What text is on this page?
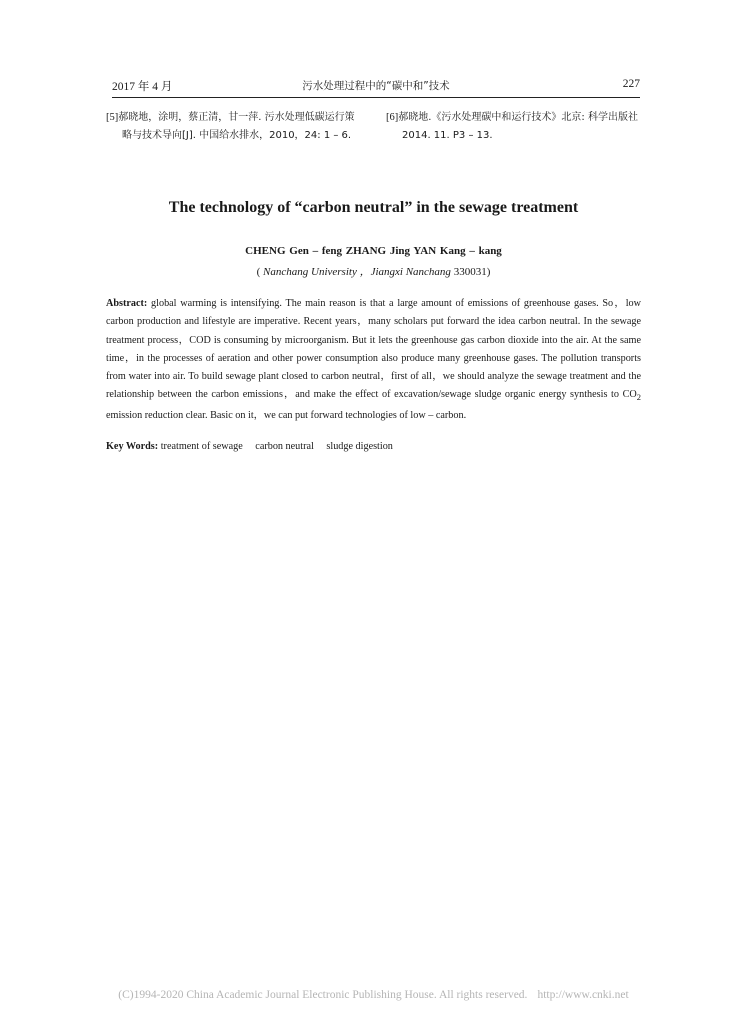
2017 年 4 月	污水处理过程中的“碳中和”技术	227
[5]郝晓地，涂明，蔡正清，甘一萍. 污水处理低碳运行策略与技术导向[J]. 中国给水排水，2010，24: 1 – 6.
[6]郝晓地.《污水处理碳中和运行技术》北京: 科学出版社 2014. 11. P3 – 13.
The technology of “carbon neutral” in the sewage treatment
CHENG Gen – feng ZHANG Jing YAN Kang – kang
( Nanchang University ，Jiangxi Nanchang 330031)
Abstract: global warming is intensifying. The main reason is that a large amount of emissions of greenhouse gases. So，low carbon production and lifestyle are imperative. Recent years，many scholars put forward the idea carbon neutral. In the sewage treatment process，COD is consuming by microorganism. But it lets the greenhouse gas carbon dioxide into the air. At the same time，in the processes of aeration and other power consumption also produce many greenhouse gases. The pollution transports from water into air. To build sewage plant closed to carbon neutral，first of all，we should analyze the sewage treatment and the relationship between the carbon emissions，and make the effect of excavation/sewage sludge organic energy synthesis to $CO_2$ emission reduction clear. Basic on it，we can put forward technologies of low – carbon.
Key Words: treatment of sewage carbon neutral sludge digestion
(C)1994-2020 China Academic Journal Electronic Publishing House. All rights reserved. http://www.cnki.net
